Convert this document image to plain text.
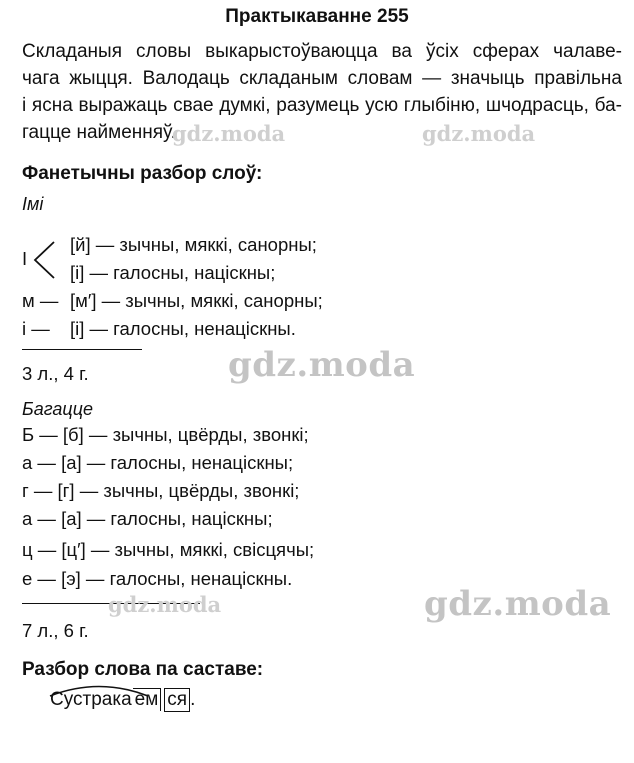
Практыкаванне 255
Складаныя словы выкарыстоўваюцца ва ўсіх сферах чалаве-
чага жыцця. Валодаць складаным словам — значыць правільна
і ясна выражаць свае думкі, разумець усю глыбіню, шчодрасць, ба-
гацце найменняў.
gdz.moda	gdz.moda
Фанетычны разбор слоў:
Імі
І
[й] — зычны, мяккі, санорны;
[і] — галосны, націскны;
м — [м′] — зычны, мяккі, санорны;
і — [і] — галосны, ненаціскны.
3 л., 4 г.	gdz.moda
Багацце
Б — [б] — зычны, цвёрды, звонкі;
а — [а] — галосны, ненаціскны;
г — [г] — зычны, цвёрды, звонкі;
а — [а] — галосны, націскны;
ц — [ц′] — зычны, мяккі, свісцячы;
е — [э] — галосны, ненаціскны.
gdz.moda	gdz.moda
7 л., 6 г.
Разбор слова па саставе:
Сустрака ем ся .
